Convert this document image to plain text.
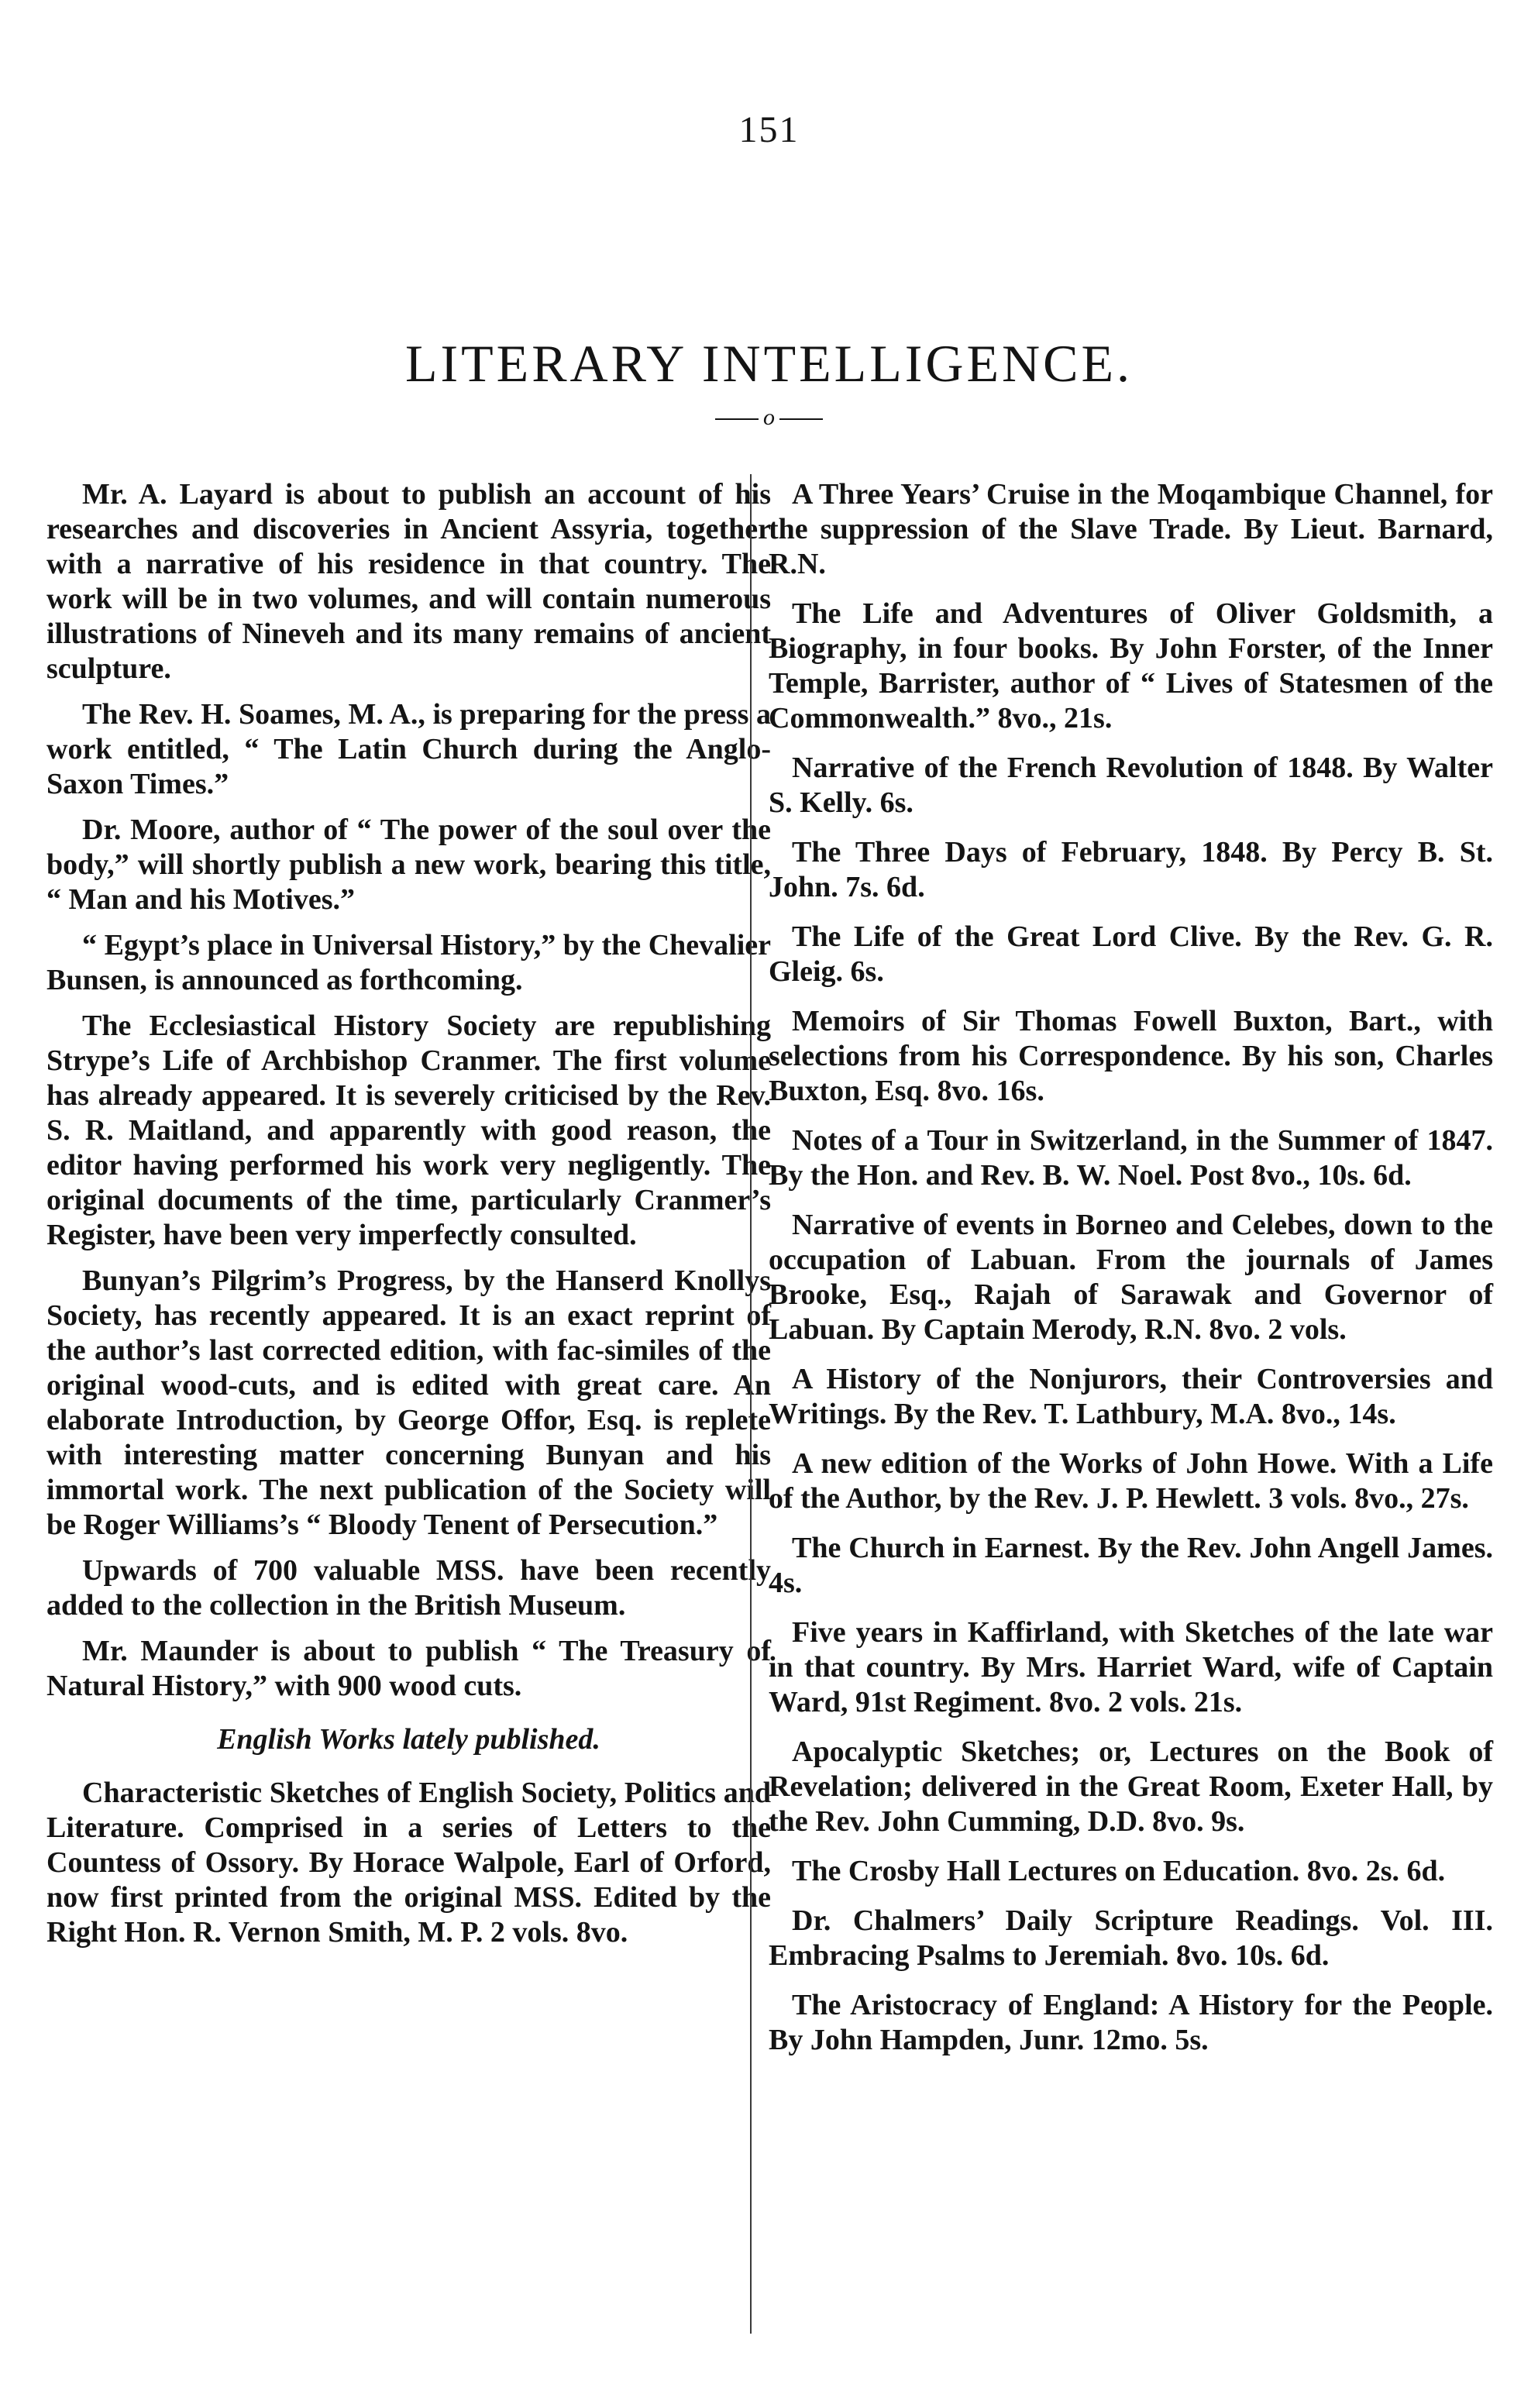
151
LITERARY INTELLIGENCE.
o

Mr. A. Layard is about to publish an account of his researches and discoveries in Ancient Assyria, together with a narrative of his residence in that country. The work will be in two volumes, and will contain numerous illustrations of Nineveh and its many remains of ancient sculpture.

The Rev. H. Soames, M. A., is preparing for the press a work entitled, “ The Latin Church during the Anglo-Saxon Times.”

Dr. Moore, author of “ The power of the soul over the body,” will shortly publish a new work, bearing this title, “ Man and his Motives.”

“ Egypt’s place in Universal History,” by the Chevalier Bunsen, is announced as forthcoming.

The Ecclesiastical History Society are republishing Strype’s Life of Archbishop Cranmer. The first volume has already appeared. It is severely criticised by the Rev. S. R. Maitland, and apparently with good reason, the editor having performed his work very negligently. The original documents of the time, particularly Cranmer’s Register, have been very imperfectly consulted.

Bunyan’s Pilgrim’s Progress, by the Hanserd Knollys Society, has recently appeared. It is an exact reprint of the author’s last corrected edition, with fac-similes of the original wood-cuts, and is edited with great care. An elaborate Introduction, by George Offor, Esq. is replete with interesting matter concerning Bunyan and his immortal work. The next publication of the Society will be Roger Williams’s “ Bloody Tenent of Persecution.”

Upwards of 700 valuable MSS. have been recently added to the collection in the British Museum.

Mr. Maunder is about to publish “ The Treasury of Natural History,” with 900 wood cuts.

English Works lately published.

Characteristic Sketches of English Society, Politics and Literature. Comprised in a series of Letters to the Countess of Ossory. By Horace Walpole, Earl of Orford, now first printed from the original MSS. Edited by the Right Hon. R. Vernon Smith, M. P. 2 vols. 8vo.

A Three Years’ Cruise in the Moqambique Channel, for the suppression of the Slave Trade. By Lieut. Barnard, R.N.

The Life and Adventures of Oliver Goldsmith, a Biography, in four books. By John Forster, of the Inner Temple, Barrister, author of “ Lives of Statesmen of the Commonwealth.” 8vo., 21s.

Narrative of the French Revolution of 1848. By Walter S. Kelly. 6s.

The Three Days of February, 1848. By Percy B. St. John. 7s. 6d.

The Life of the Great Lord Clive. By the Rev. G. R. Gleig. 6s.

Memoirs of Sir Thomas Fowell Buxton, Bart., with selections from his Correspondence. By his son, Charles Buxton, Esq. 8vo. 16s.

Notes of a Tour in Switzerland, in the Summer of 1847. By the Hon. and Rev. B. W. Noel. Post 8vo., 10s. 6d.

Narrative of events in Borneo and Celebes, down to the occupation of Labuan. From the journals of James Brooke, Esq., Rajah of Sarawak and Governor of Labuan. By Captain Merody, R.N. 8vo. 2 vols.

A History of the Nonjurors, their Controversies and Writings. By the Rev. T. Lathbury, M.A. 8vo., 14s.

A new edition of the Works of John Howe. With a Life of the Author, by the Rev. J. P. Hewlett. 3 vols. 8vo., 27s.

The Church in Earnest. By the Rev. John Angell James. 4s.

Five years in Kaffirland, with Sketches of the late war in that country. By Mrs. Harriet Ward, wife of Captain Ward, 91st Regiment. 8vo. 2 vols. 21s.

Apocalyptic Sketches; or, Lectures on the Book of Revelation; delivered in the Great Room, Exeter Hall, by the Rev. John Cumming, D.D. 8vo. 9s.

The Crosby Hall Lectures on Education. 8vo. 2s. 6d.

Dr. Chalmers’ Daily Scripture Readings. Vol. III. Embracing Psalms to Jeremiah. 8vo. 10s. 6d.

The Aristocracy of England: A History for the People. By John Hampden, Junr. 12mo. 5s.
